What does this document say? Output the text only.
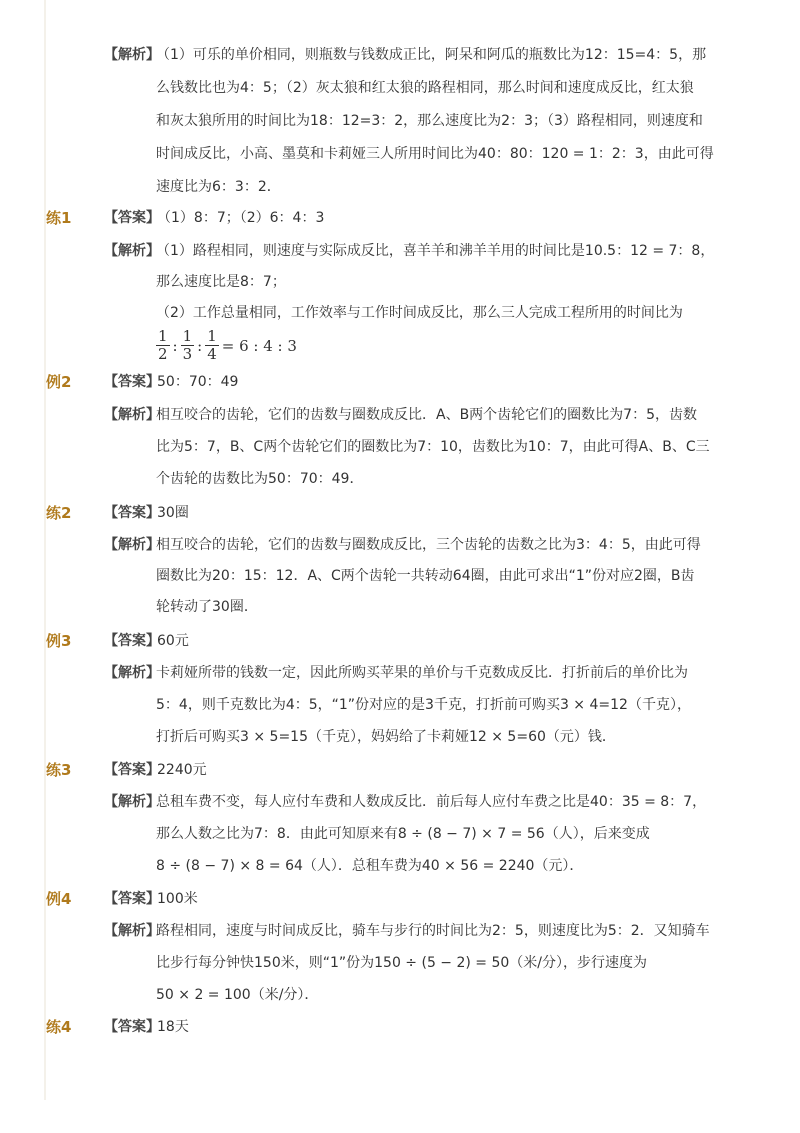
【解析】
（1）可乐的单价相同，则瓶数与钱数成正比，阿呆和阿瓜的瓶数比为12：15=4：5，那
么钱数比也为4：5；（2）灰太狼和红太狼的路程相同，那么时间和速度成反比，红太狼
和灰太狼所用的时间比为18：12=3：2，那么速度比为2：3；（3）路程相同，则速度和
时间成反比，小高、墨莫和卡莉娅三人所用时间比为40：80：120 = 1：2：3，由此可得
速度比为6：3：2．
练1 【答案】
（1）8：7；（2）6：4：3
【解析】
（1）路程相同，则速度与实际成反比，喜羊羊和沸羊羊用的时间比是10.5：12 = 7：8，
那么速度比是8：7；
（2）工作总量相同，工作效率与工作时间成反比，那么三人完成工程所用的时间比为
例2 【答案】
50：70：49
【解析】
相互咬合的齿轮，它们的齿数与圈数成反比．A、B两个齿轮它们的圈数比为7：5，齿数
比为5：7，B、C两个齿轮它们的圈数比为7：10，齿数比为10：7，由此可得A、B、C三
个齿轮的齿数比为50：70：49．
练2 【答案】
30圈
【解析】
相互咬合的齿轮，它们的齿数与圈数成反比，三个齿轮的齿数之比为3：4：5，由此可得
圈数比为20：15：12．A、C两个齿轮一共转动64圈，由此可求出“1”份对应2圈，B齿
轮转动了30圈．
例3 【答案】
60元
【解析】
卡莉娅所带的钱数一定，因此所购买苹果的单价与千克数成反比．打折前后的单价比为
5：4，则千克数比为4：5，“1”份对应的是3千克，打折前可购买3 × 4=12（千克），
打折后可购买3 × 5=15（千克），妈妈给了卡莉娅12 × 5=60（元）钱．
练3 【答案】
2240元
【解析】
总租车费不变，每人应付车费和人数成反比．前后每人应付车费之比是40：35 = 8：7，
那么人数之比为7：8．由此可知原来有8 ÷ (8 − 7) × 7 = 56（人），后来变成
8 ÷ (8 − 7) × 8 = 64（人）．总租车费为40 × 56 = 2240（元）．
例4 【答案】
100米
【解析】
路程相同，速度与时间成反比，骑车与步行的时间比为2：5，则速度比为5：2．又知骑车
比步行每分钟快150米，则“1”份为150 ÷ (5 − 2) = 50（米/分），步行速度为
50 × 2 = 100（米/分）．
练4 【答案】
18天
$\frac{1}{2}$ : $\frac{1}{3}$ : $\frac{1}{4} = 6$ : 4 : 3
